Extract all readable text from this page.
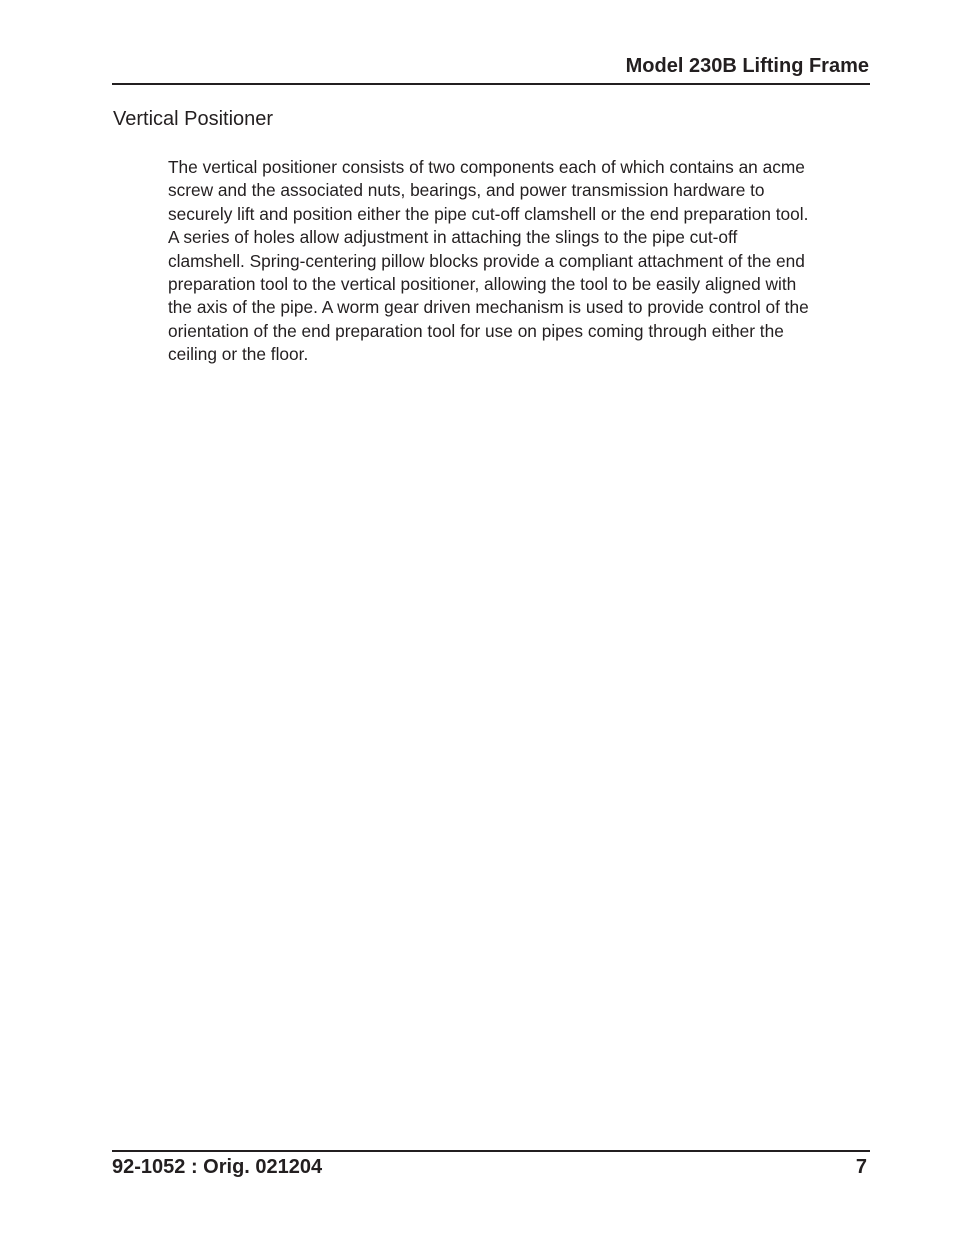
Model 230B Lifting Frame
Vertical Positioner

The vertical positioner consists of two components each of which contains an acme
screw and the associated nuts, bearings, and power transmission hardware to
securely lift and position either the pipe cut-off clamshell or the end preparation tool.
A series of holes allow adjustment in attaching the slings to the pipe cut-off
clamshell. Spring-centering pillow blocks provide a compliant attachment of the end
preparation tool to the vertical positioner, allowing the tool to be easily aligned with
the axis of the pipe. A worm gear driven mechanism is used to provide control of the
orientation of the end preparation tool for use on pipes coming through either the
ceiling or the floor.

92-1052 : Orig. 021204	7
